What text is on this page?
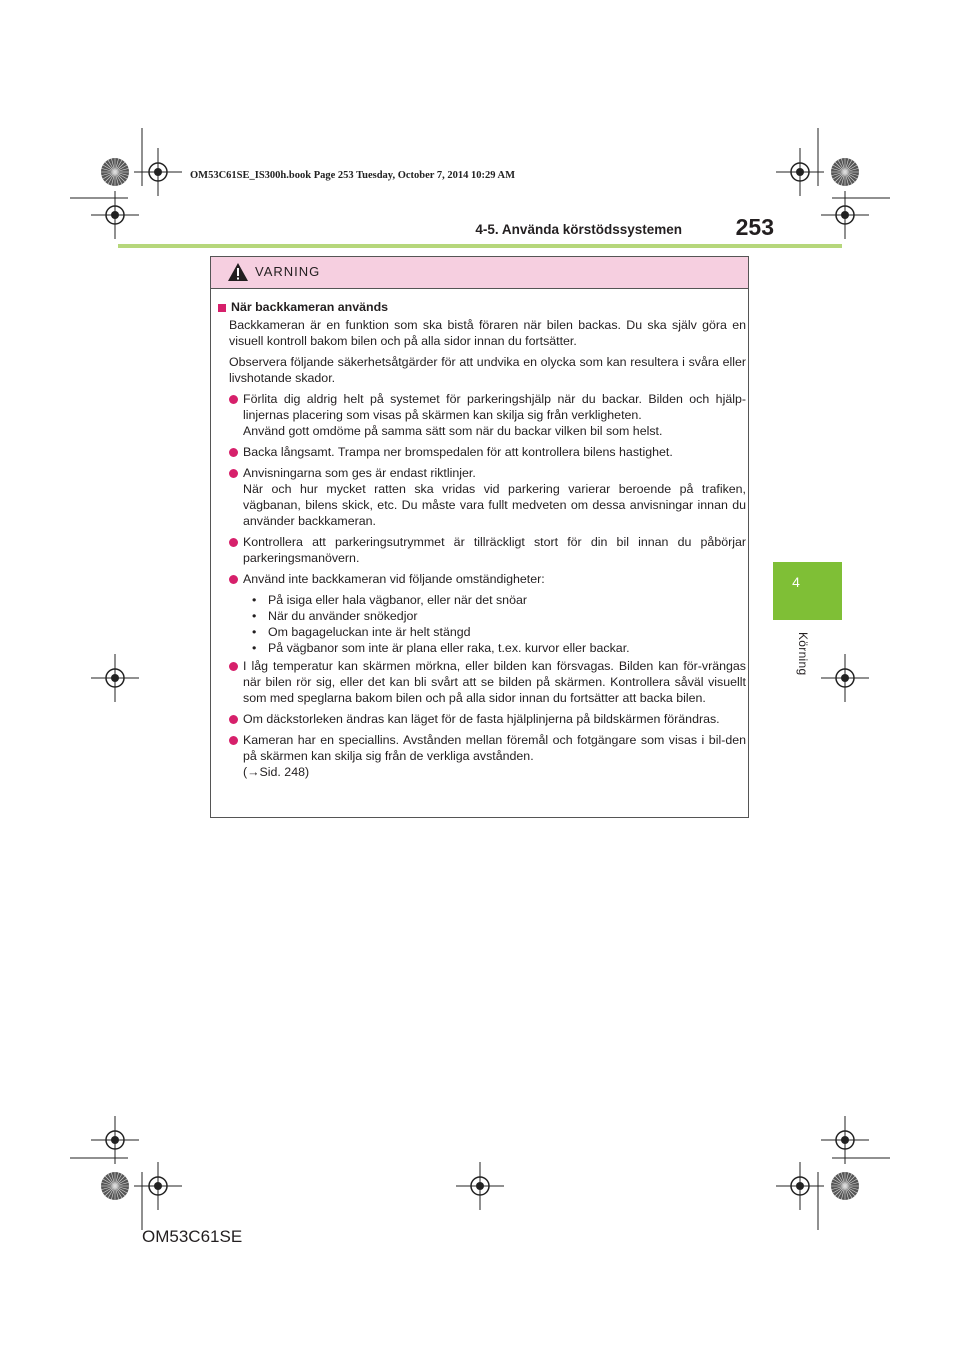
OM53C61SE_IS300h.book Page 253 Tuesday, October 7, 2014 10:29 AM
4-5. Använda körstödssystemen	253
4
Körning
VARNING
När backkameran används
Backkameran är en funktion som ska bistå föraren när bilen backas. Du ska själv göra en visuell kontroll bakom bilen och på alla sidor innan du fortsätter.
Observera följande säkerhetsåtgärder för att undvika en olycka som kan resultera i svåra eller livshotande skador.
Förlita dig aldrig helt på systemet för parkeringshjälp när du backar. Bilden och hjälp-linjernas placering som visas på skärmen kan skilja sig från verkligheten.
Använd gott omdöme på samma sätt som när du backar vilken bil som helst.
Backa långsamt. Trampa ner bromspedalen för att kontrollera bilens hastighet.
Anvisningarna som ges är endast riktlinjer.
När och hur mycket ratten ska vridas vid parkering varierar beroende på trafiken, vägbanan, bilens skick, etc. Du måste vara fullt medveten om dessa anvisningar innan du använder backkameran.
Kontrollera att parkeringsutrymmet är tillräckligt stort för din bil innan du påbörjar parkeringsmanövern.
Använd inte backkameran vid följande omständigheter:
• På isiga eller hala vägbanor, eller när det snöar
• När du använder snökedjor
• Om bagageluckan inte är helt stängd
• På vägbanor som inte är plana eller raka, t.ex. kurvor eller backar.
I låg temperatur kan skärmen mörkna, eller bilden kan försvagas. Bilden kan för-vrängas när bilen rör sig, eller det kan bli svårt att se bilden på skärmen. Kontrollera såväl visuellt som med speglarna bakom bilen och på alla sidor innan du fortsätter att backa bilen.
Om däckstorleken ändras kan läget för de fasta hjälplinjerna på bildskärmen förändras.
Kameran har en speciallins. Avstånden mellan föremål och fotgängare som visas i bil-den på skärmen kan skilja sig från de verkliga avstånden.
(→Sid. 248)
OM53C61SE
